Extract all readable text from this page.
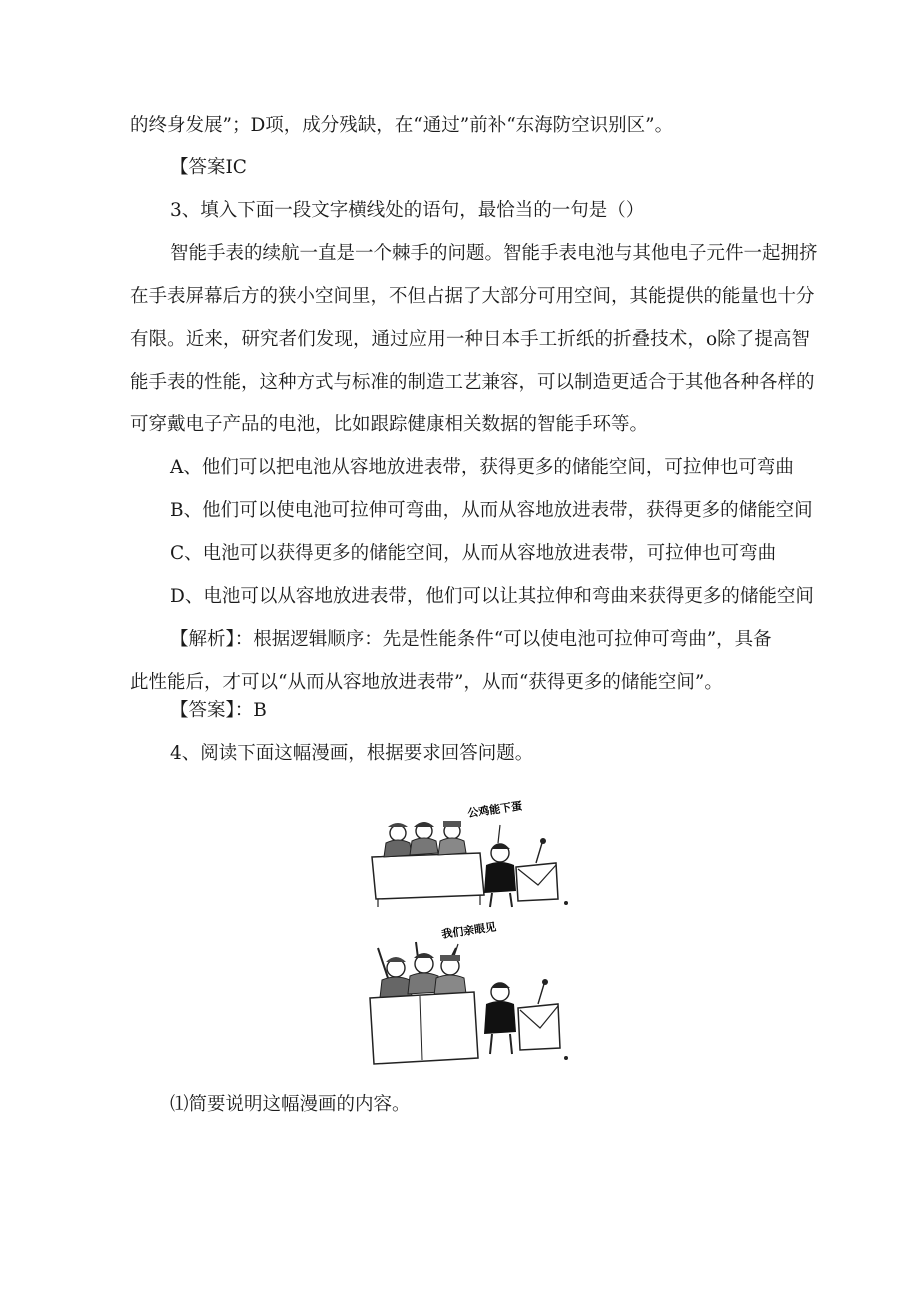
的终身发展”；D项，成分残缺，在“通过”前补“东海防空识别区”。
【答案IC
3、填入下面一段文字横线处的语句，最恰当的一句是（）
智能手表的续航一直是一个棘手的问题。智能手表电池与其他电子元件一起拥挤
在手表屏幕后方的狭小空间里，不但占据了大部分可用空间，其能提供的能量也十分
有限。近来，研究者们发现，通过应用一种日本手工折纸的折叠技术，o除了提高智
能手表的性能，这种方式与标准的制造工艺兼容，可以制造更适合于其他各种各样的
可穿戴电子产品的电池，比如跟踪健康相关数据的智能手环等。
A、他们可以把电池从容地放进表带，获得更多的储能空间，可拉伸也可弯曲
B、他们可以使电池可拉伸可弯曲，从而从容地放进表带，获得更多的储能空间
C、电池可以获得更多的储能空间，从而从容地放进表带，可拉伸也可弯曲
D、电池可以从容地放进表带，他们可以让其拉伸和弯曲来获得更多的储能空间
【解析】：根据逻辑顺序：先是性能条件“可以使电池可拉伸可弯曲”，具备
此性能后，才可以“从而从容地放进表带”，从而“获得更多的储能空间”。
【答案】：B
4、阅读下面这幅漫画，根据要求回答问题。
公鸡能下蛋
我们亲眼见
⑴简要说明这幅漫画的内容。
